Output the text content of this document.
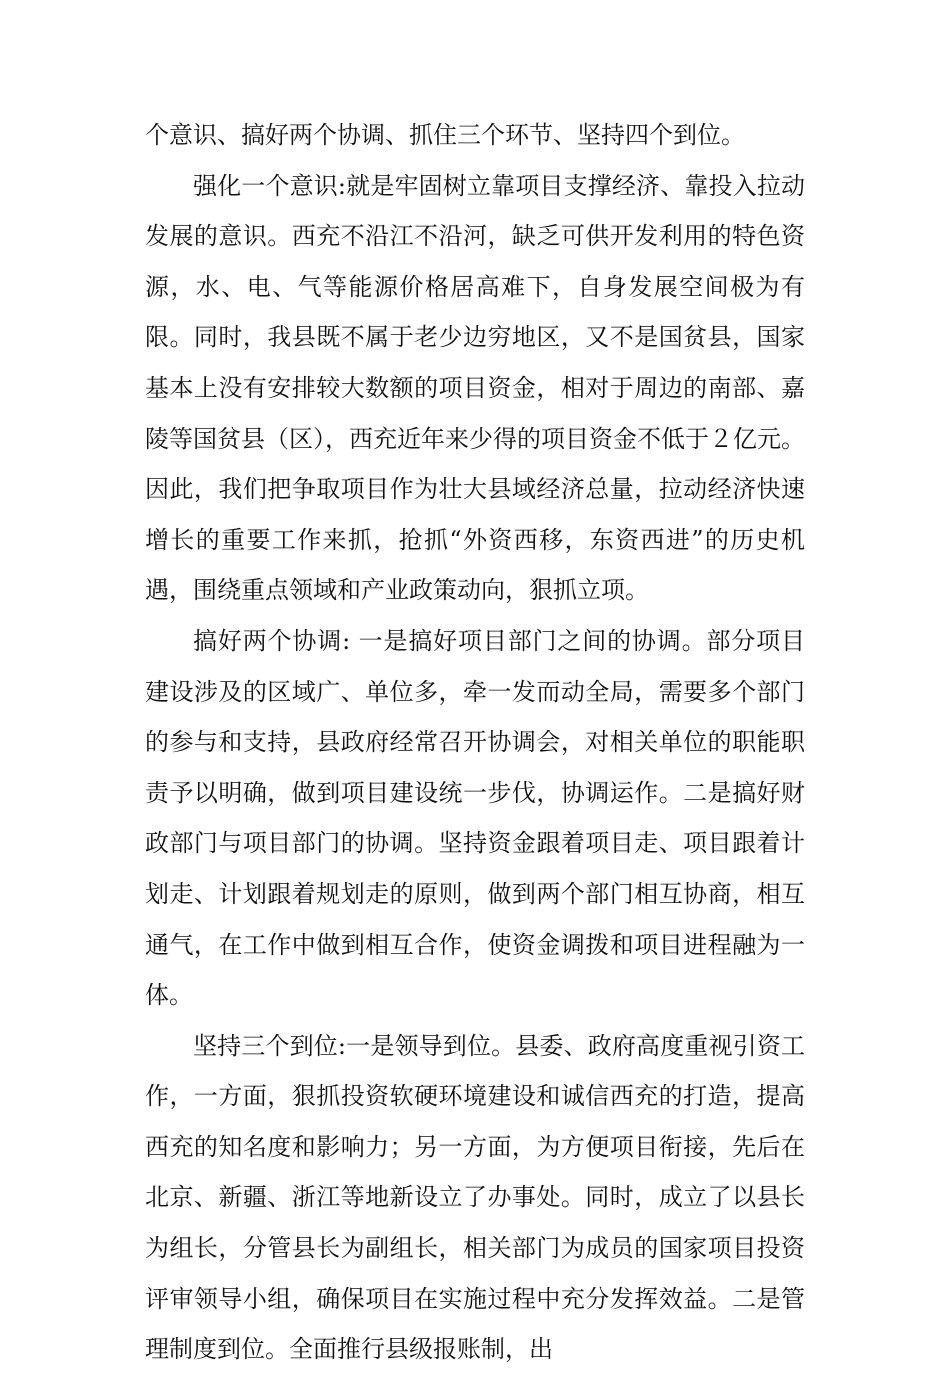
个意识、搞好两个协调、抓住三个环节、坚持四个到位。

强化一个意识:就是牢固树立靠项目支撑经济、靠投入拉动发展的意识。西充不沿江不沿河，缺乏可供开发利用的特色资源，水、电、气等能源价格居高难下，自身发展空间极为有限。同时，我县既不属于老少边穷地区，又不是国贫县，国家基本上没有安排较大数额的项目资金，相对于周边的南部、嘉陵等国贫县（区），西充近年来少得的项目资金不低于２亿元。因此，我们把争取项目作为壮大县域经济总量，拉动经济快速增长的重要工作来抓，抢抓“外资西移，东资西进”的历史机遇，围绕重点领域和产业政策动向，狠抓立项。

搞好两个协调: 一是搞好项目部门之间的协调。部分项目建设涉及的区域广、单位多，牵一发而动全局，需要多个部门的参与和支持，县政府经常召开协调会，对相关单位的职能职责予以明确，做到项目建设统一步伐，协调运作。二是搞好财政部门与项目部门的协调。坚持资金跟着项目走、项目跟着计划走、计划跟着规划走的原则，做到两个部门相互协商，相互通气，在工作中做到相互合作，使资金调拨和项目进程融为一体。

坚持三个到位:一是领导到位。县委、政府高度重视引资工作，一方面，狠抓投资软硬环境建设和诚信西充的打造，提高西充的知名度和影响力；另一方面，为方便项目衔接，先后在北京、新疆、浙江等地新设立了办事处。同时，成立了以县长为组长，分管县长为副组长，相关部门为成员的国家项目投资评审领导小组，确保项目在实施过程中充分发挥效益。二是管理制度到位。全面推行县级报账制，出
